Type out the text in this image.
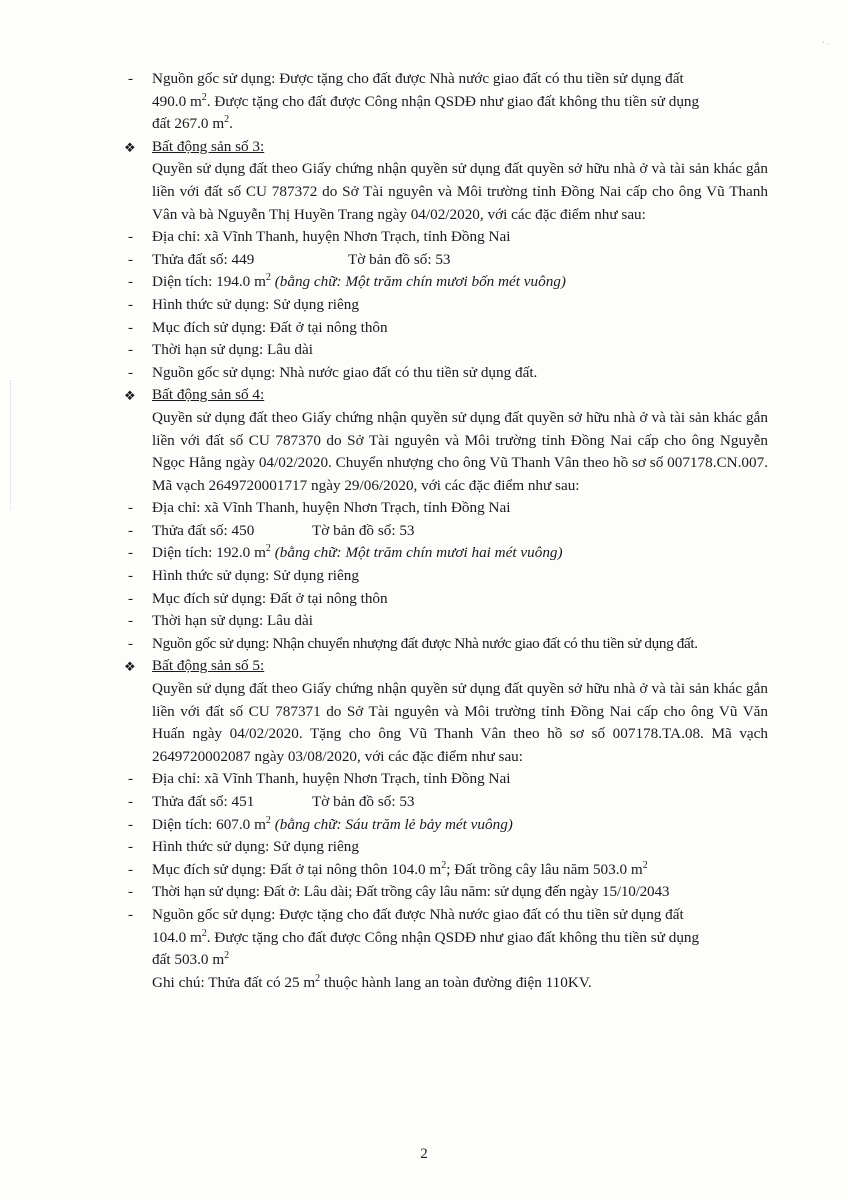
' ·
- Nguồn gốc sử dụng: Được tặng cho đất được Nhà nước giao đất có thu tiền sử dụng đất
490.0 $m^2$. Được tặng cho đất được Công nhận QSDĐ như giao đất không thu tiền sử dụng
đất 267.0 $m^2$.
❖ Bất động sản số 3:
Quyền sử dụng đất theo Giấy chứng nhận quyền sử dụng đất quyền sở hữu nhà ở và tài sản khác gắn liền với đất số CU 787372 do Sở Tài nguyên và Môi trường tỉnh Đồng Nai cấp cho ông Vũ Thanh Vân và bà Nguyễn Thị Huyền Trang ngày 04/02/2020, với các đặc điểm như sau:
- Địa chỉ: xã Vĩnh Thanh, huyện Nhơn Trạch, tỉnh Đồng Nai
- Thửa đất số: 449	Tờ bản đồ số: 53
- Diện tích: 194.0 $m^2$ (bằng chữ: Một trăm chín mươi bốn mét vuông)
- Hình thức sử dụng: Sử dụng riêng
- Mục đích sử dụng: Đất ở tại nông thôn
- Thời hạn sử dụng: Lâu dài
- Nguồn gốc sử dụng: Nhà nước giao đất có thu tiền sử dụng đất.
❖ Bất động sản số 4:
Quyền sử dụng đất theo Giấy chứng nhận quyền sử dụng đất quyền sở hữu nhà ở và tài sản khác gắn liền với đất số CU 787370 do Sở Tài nguyên và Môi trường tỉnh Đồng Nai cấp cho ông Nguyễn Ngọc Hằng ngày 04/02/2020. Chuyển nhượng cho ông Vũ Thanh Vân theo hồ sơ số 007178.CN.007. Mã vạch 2649720001717 ngày 29/06/2020, với các đặc điểm như sau:
- Địa chỉ: xã Vĩnh Thanh, huyện Nhơn Trạch, tỉnh Đồng Nai
- Thửa đất số: 450	Tờ bản đồ số: 53
- Diện tích: 192.0 $m^2$ (bằng chữ: Một trăm chín mươi hai mét vuông)
- Hình thức sử dụng: Sử dụng riêng
- Mục đích sử dụng: Đất ở tại nông thôn
- Thời hạn sử dụng: Lâu dài
- Nguồn gốc sử dụng: Nhận chuyển nhượng đất được Nhà nước giao đất có thu tiền sử dụng đất.
❖ Bất động sản số 5:
Quyền sử dụng đất theo Giấy chứng nhận quyền sử dụng đất quyền sở hữu nhà ở và tài sản khác gắn liền với đất số CU 787371 do Sở Tài nguyên và Môi trường tỉnh Đồng Nai cấp cho ông Vũ Văn Huấn ngày 04/02/2020. Tặng cho ông Vũ Thanh Vân theo hồ sơ số 007178.TA.08. Mã vạch 2649720002087 ngày 03/08/2020, với các đặc điểm như sau:
- Địa chỉ: xã Vĩnh Thanh, huyện Nhơn Trạch, tỉnh Đồng Nai
- Thửa đất số: 451	Tờ bản đồ số: 53
- Diện tích: 607.0 $m^2$ (bằng chữ: Sáu trăm lẻ bảy mét vuông)
- Hình thức sử dụng: Sử dụng riêng
- Mục đích sử dụng: Đất ở tại nông thôn 104.0 $m^2$; Đất trồng cây lâu năm 503.0 $m^2$
- Thời hạn sử dụng: Đất ở: Lâu dài; Đất trồng cây lâu năm: sử dụng đến ngày 15/10/2043
- Nguồn gốc sử dụng: Được tặng cho đất được Nhà nước giao đất có thu tiền sử dụng đất
104.0 $m^2$. Được tặng cho đất được Công nhận QSDĐ như giao đất không thu tiền sử dụng
đất 503.0 $m^2$
Ghi chú: Thửa đất có 25 $m^2$ thuộc hành lang an toàn đường điện 110KV.
2
